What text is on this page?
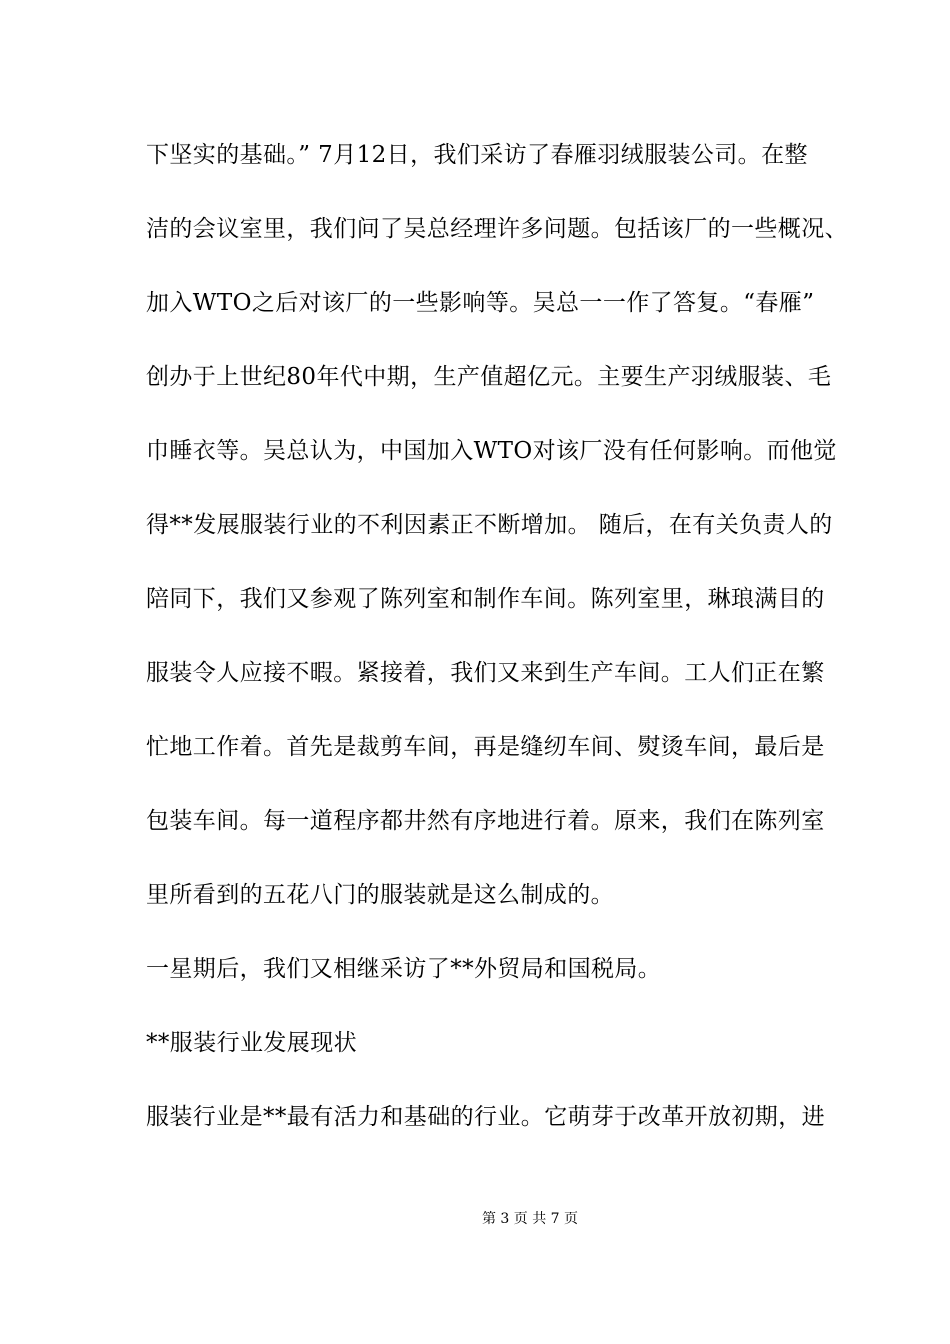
下坚实的基础。” 7月12日，我们采访了春雁羽绒服装公司。在整
洁的会议室里，我们问了吴总经理许多问题。包括该厂的一些概况、
加入WTO之后对该厂的一些影响等。吴总一一作了答复。“春雁”
创办于上世纪80年代中期，生产值超亿元。主要生产羽绒服装、毛
巾睡衣等。吴总认为，中国加入WTO对该厂没有任何影响。而他觉
得**发展服装行业的不利因素正不断增加。 随后，在有关负责人的
陪同下，我们又参观了陈列室和制作车间。陈列室里，琳琅满目的
服装令人应接不暇。紧接着，我们又来到生产车间。工人们正在繁
忙地工作着。首先是裁剪车间，再是缝纫车间、熨烫车间，最后是
包装车间。每一道程序都井然有序地进行着。原来，我们在陈列室
里所看到的五花八门的服装就是这么制成的。
一星期后，我们又相继采访了**外贸局和国税局。
**服装行业发展现状
服装行业是**最有活力和基础的行业。它萌芽于改革开放初期，进
第 3 页 共 7 页
